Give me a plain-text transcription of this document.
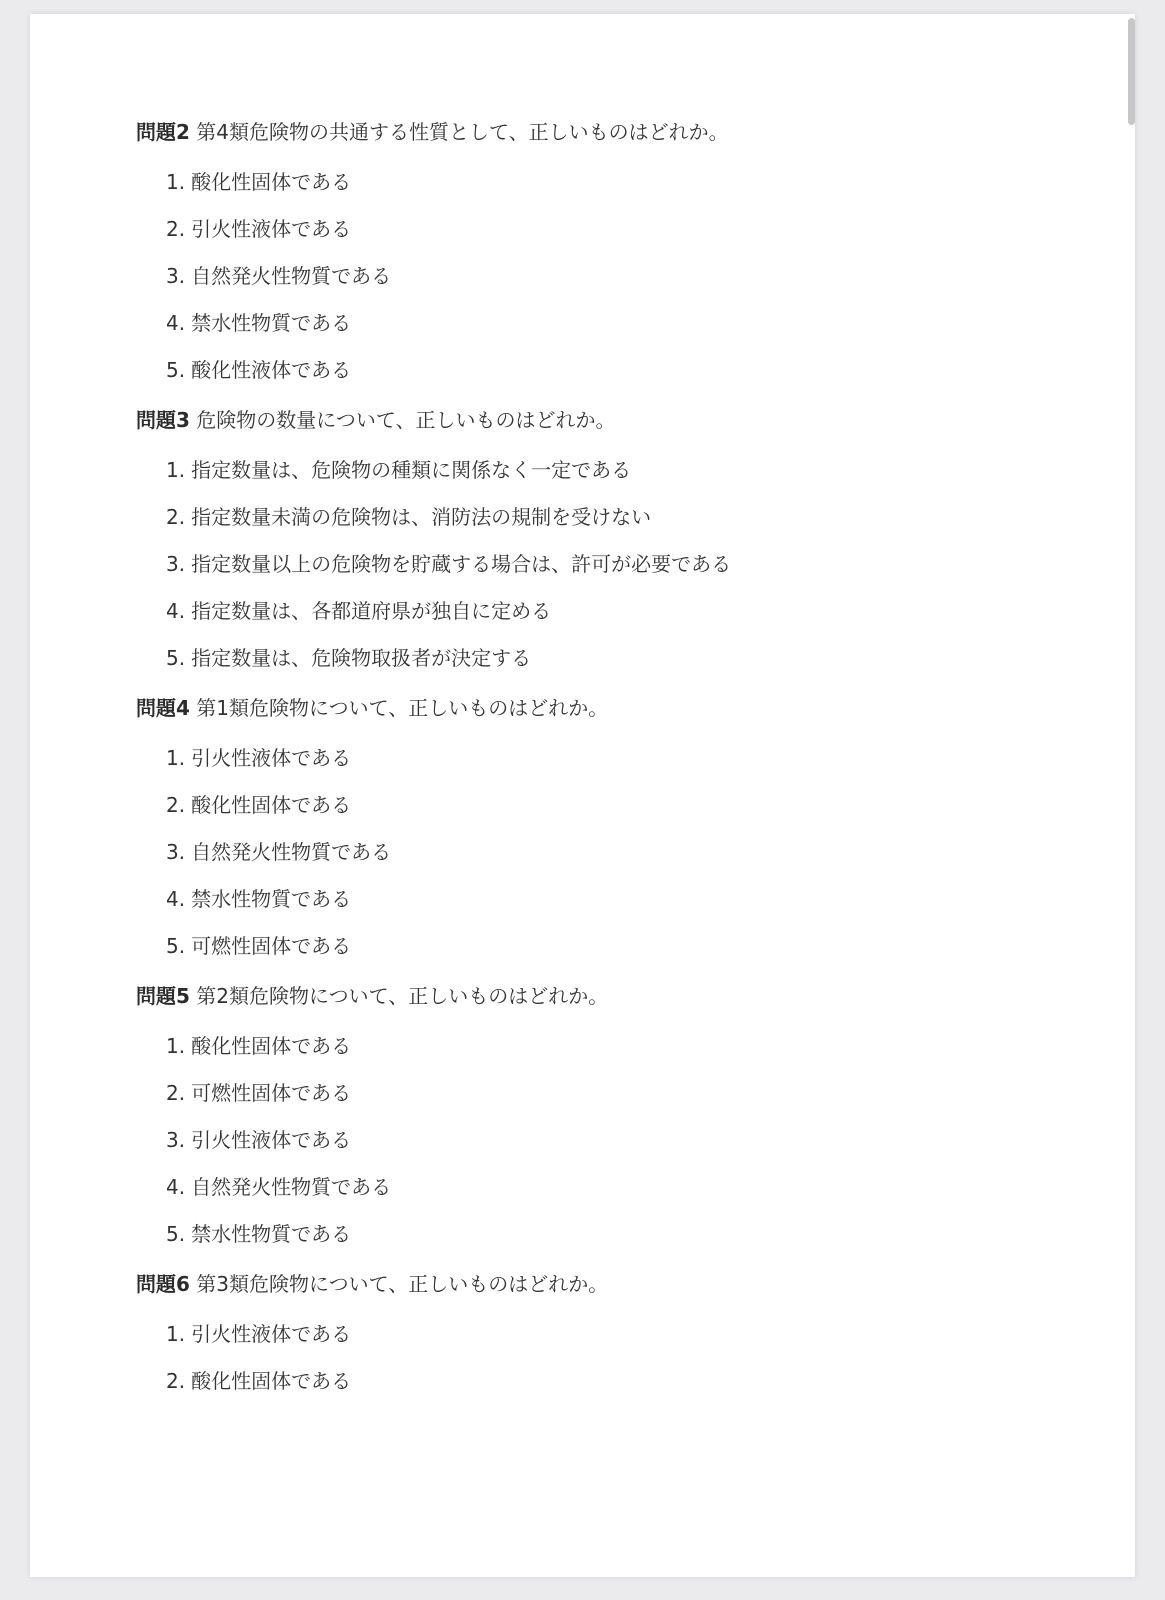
問題2 第4類危険物の共通する性質として、正しいものはどれか。
1. 酸化性固体である
2. 引火性液体である
3. 自然発火性物質である
4. 禁水性物質である
5. 酸化性液体である
問題3 危険物の数量について、正しいものはどれか。
1. 指定数量は、危険物の種類に関係なく一定である
2. 指定数量未満の危険物は、消防法の規制を受けない
3. 指定数量以上の危険物を貯蔵する場合は、許可が必要である
4. 指定数量は、各都道府県が独自に定める
5. 指定数量は、危険物取扱者が決定する
問題4 第1類危険物について、正しいものはどれか。
1. 引火性液体である
2. 酸化性固体である
3. 自然発火性物質である
4. 禁水性物質である
5. 可燃性固体である
問題5 第2類危険物について、正しいものはどれか。
1. 酸化性固体である
2. 可燃性固体である
3. 引火性液体である
4. 自然発火性物質である
5. 禁水性物質である
問題6 第3類危険物について、正しいものはどれか。
1. 引火性液体である
2. 酸化性固体である
